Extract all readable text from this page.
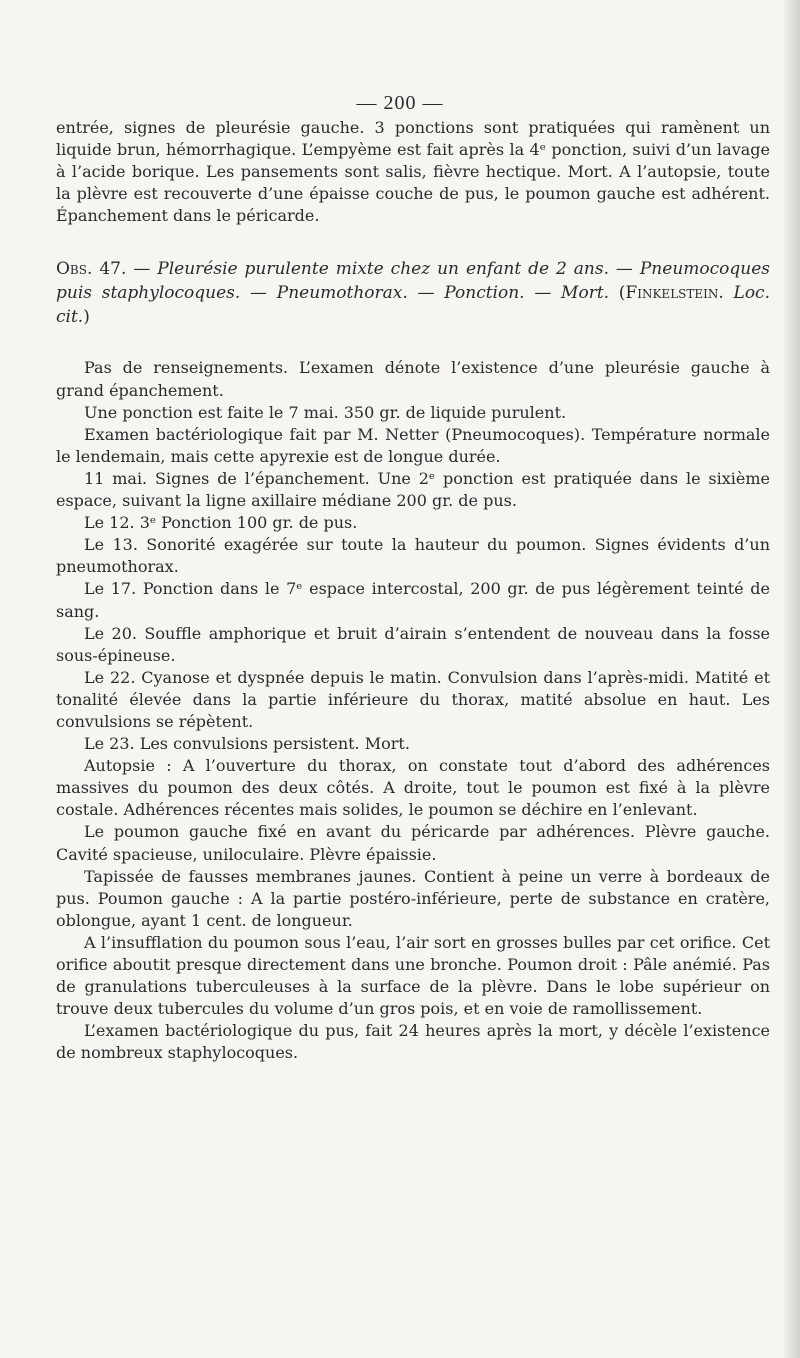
— 200 —

entrée, signes de pleurésie gauche. 3 ponctions sont pratiquées qui ramènent un liquide brun, hémorrhagique. L’empyème est fait après la 4ᵉ ponction, suivi d’un lavage à l’acide borique. Les pansements sont salis, fièvre hectique. Mort. A l’autopsie, toute la plèvre est recouverte d’une épaisse couche de pus, le poumon gauche est adhérent. Épanchement dans le péricarde.

Obs. 47. — Pleurésie purulente mixte chez un enfant de 2 ans. — Pneumocoques puis staphylocoques. — Pneumothorax. — Ponction. — Mort. (Finkelstein. Loc. cit.)

Pas de renseignements. L’examen dénote l’existence d’une pleurésie gauche à grand épanchement.

Une ponction est faite le 7 mai. 350 gr. de liquide purulent.

Examen bactériologique fait par M. Netter (Pneumocoques). Température normale le lendemain, mais cette apyrexie est de longue durée.

11 mai. Signes de l’épanchement. Une 2ᵉ ponction est pratiquée dans le sixième espace, suivant la ligne axillaire médiane 200 gr. de pus.

Le 12. 3ᵉ Ponction 100 gr. de pus.

Le 13. Sonorité exagérée sur toute la hauteur du poumon. Signes évidents d’un pneumothorax.

Le 17. Ponction dans le 7ᵉ espace intercostal, 200 gr. de pus légèrement teinté de sang.

Le 20. Souffle amphorique et bruit d’airain s’entendent de nouveau dans la fosse sous-épineuse.

Le 22. Cyanose et dyspnée depuis le matin. Convulsion dans l’après-midi. Matité et tonalité élevée dans la partie inférieure du thorax, matité absolue en haut. Les convulsions se répètent.

Le 23. Les convulsions persistent. Mort.

Autopsie : A l’ouverture du thorax, on constate tout d’abord des adhérences massives du poumon des deux côtés. A droite, tout le poumon est fixé à la plèvre costale. Adhérences récentes mais solides, le poumon se déchire en l’enlevant.

Le poumon gauche fixé en avant du péricarde par adhérences. Plèvre gauche. Cavité spacieuse, uniloculaire. Plèvre épaissie.

Tapissée de fausses membranes jaunes. Contient à peine un verre à bordeaux de pus. Poumon gauche : A la partie postéro-inférieure, perte de substance en cratère, oblongue, ayant 1 cent. de longueur.

A l’insufflation du poumon sous l’eau, l’air sort en grosses bulles par cet orifice. Cet orifice aboutit presque directement dans une bronche. Poumon droit : Pâle anémié. Pas de granulations tuberculeuses à la surface de la plèvre. Dans le lobe supérieur on trouve deux tubercules du volume d’un gros pois, et en voie de ramollissement.

L’examen bactériologique du pus, fait 24 heures après la mort, y décèle l’existence de nombreux staphylocoques.
